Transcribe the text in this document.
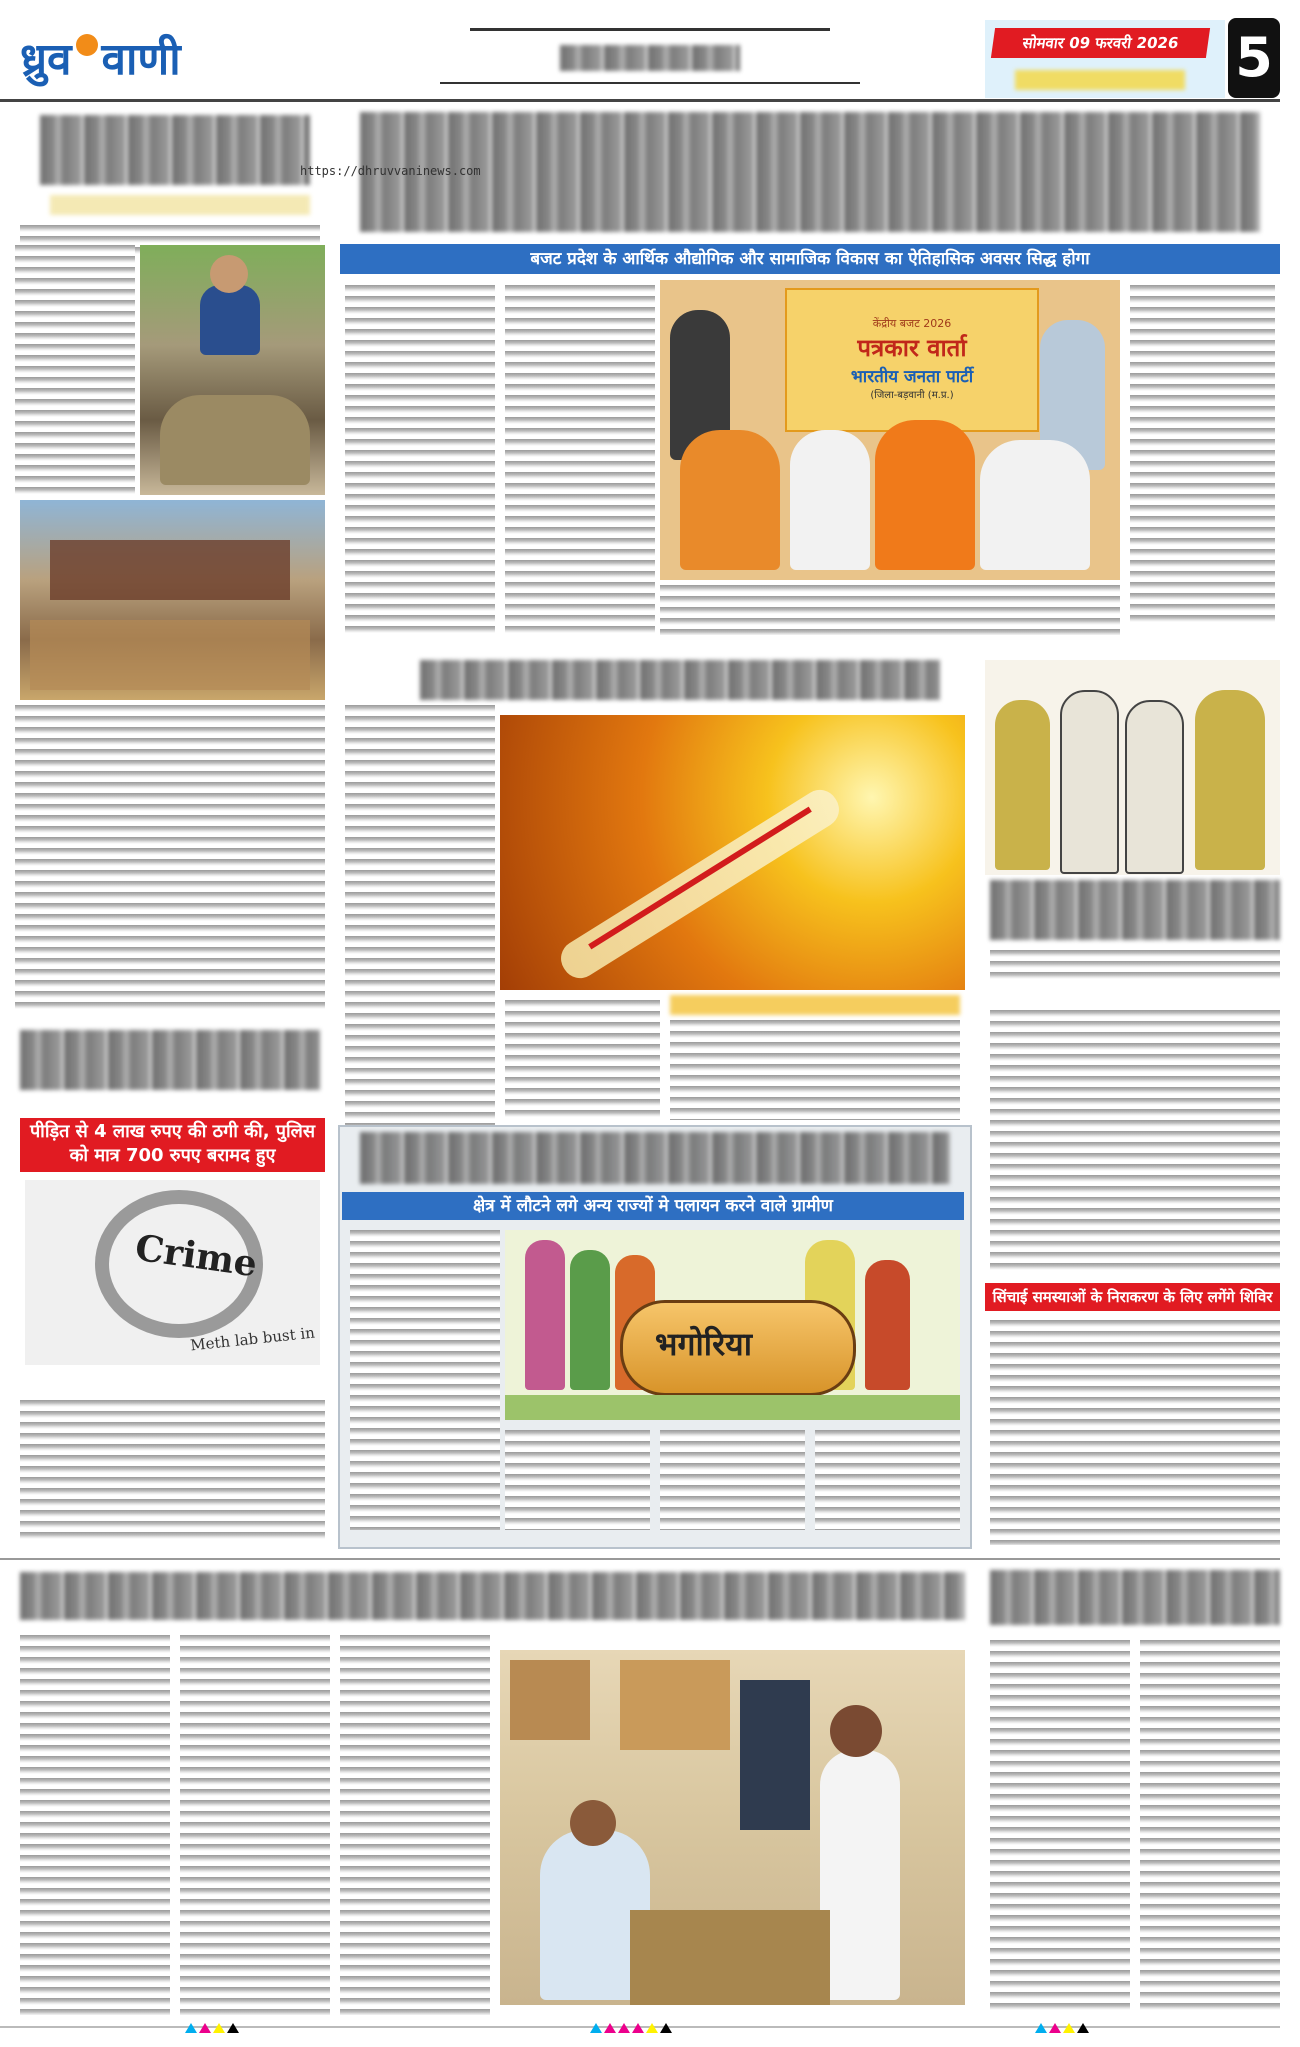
ध्रुव वाणी	सोमवार 09 फरवरी 2026	5
https://dhruvvaninews.com
बजट प्रदेश के आर्थिक औद्योगिक और सामाजिक विकास का ऐतिहासिक अवसर सिद्ध होगा
केंद्रीय बजट 2026
पत्रकार वार्ता
भारतीय जनता पार्टी
(जिला-बड़वानी (म.प्र.)
पीड़ित से 4 लाख रुपए की ठगी की, पुलिस को मात्र 700 रुपए बरामद हुए
Crime
Meth lab bust in
क्षेत्र में लौटने लगे अन्य राज्यों मे पलायन करने वाले ग्रामीण
भगोरिया
सिंचाई समस्याओं के निराकरण के लिए लगेंगे शिविर
